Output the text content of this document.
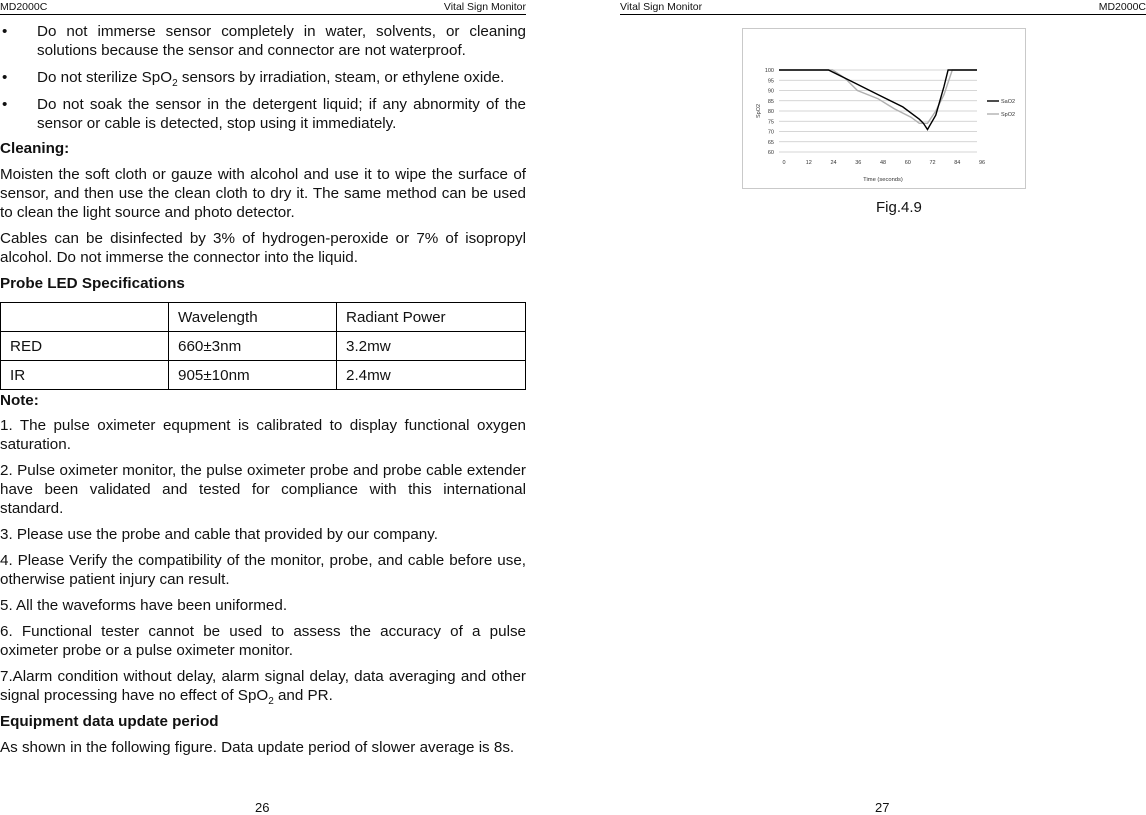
MD2000C	Vital Sign Monitor
• Do not immerse sensor completely in water, solvents, or cleaning solutions because the sensor and connector are not waterproof.
• Do not sterilize SpO$_2$ sensors by irradiation, steam, or ethylene oxide.
• Do not soak the sensor in the detergent liquid; if any abnormity of the sensor or cable is detected, stop using it immediately.
Cleaning:

Moisten the soft cloth or gauze with alcohol and use it to wipe the surface of sensor, and then use the clean cloth to dry it. The same method can be used to clean the light source and photo detector.

Cables can be disinfected by 3% of hydrogen-peroxide or 7% of isopropyl alcohol. Do not immerse the connector into the liquid.

Probe LED Specifications
	Wavelength	Radiant Power
RED	660±3nm	3.2mw
IR	905±10nm	2.4mw
Note:

1. The pulse oximeter equpment is calibrated to display functional oxygen saturation.

2. Pulse oximeter monitor, the pulse oximeter probe and probe cable extender have been validated and tested for compliance with this international standard.

3. Please use the probe and cable that provided by our company.

4. Please Verify the compatibility of the monitor, probe, and cable before use, otherwise patient injury can result.

5. All the waveforms have been uniformed.

6. Functional tester cannot be used to assess the accuracy of a pulse oximeter probe or a pulse oximeter monitor.

7.Alarm condition without delay, alarm signal delay, data averaging and other signal processing have no effect of SpO$_2$ and PR.

Equipment data update period

As shown in the following figure. Data update period of slower average is 8s.

26
Vital Sign Monitor	MD2000C
60
65
70
75
80
85
90
95
100
0	12	24	36	48	60	72	84	96
Time (seconds)
SpO2
SaO2
SpO2
Fig.4.9
27
